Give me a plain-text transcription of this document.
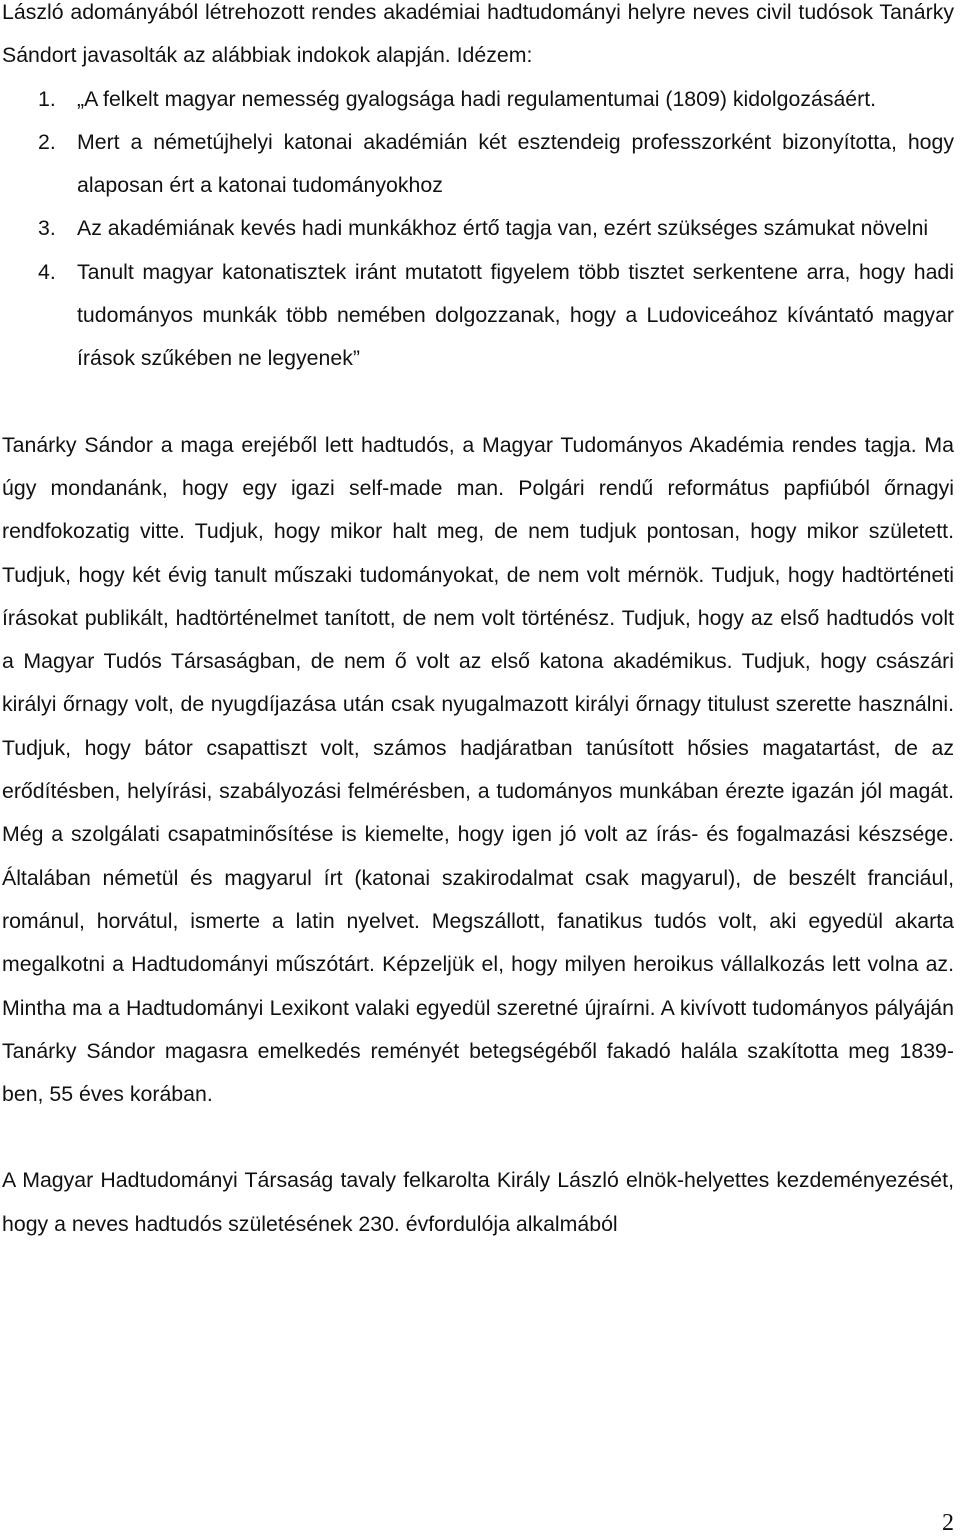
László adományából létrehozott rendes akadémiai hadtudományi helyre neves civil tudósok Tanárky Sándort javasolták az alábbiak indokok alapján. Idézem:

1. „A felkelt magyar nemesség gyalogsága hadi regulamentumai (1809) kidolgozásáért.
2. Mert a németújhelyi katonai akadémián két esztendeig professzorként bizonyította, hogy alaposan ért a katonai tudományokhoz
3. Az akadémiának kevés hadi munkákhoz értő tagja van, ezért szükséges számukat növelni
4. Tanult magyar katonatisztek iránt mutatott figyelem több tisztet serkentene arra, hogy hadi tudományos munkák több nemében dolgozzanak, hogy a Ludoviceához kívántató magyar írások szűkében ne legyenek”

Tanárky Sándor a maga erejéből lett hadtudós, a Magyar Tudományos Akadémia rendes tagja. Ma úgy mondanánk, hogy egy igazi self-made man. Polgári rendű református papfiúból őrnagyi rendfokozatig vitte. Tudjuk, hogy mikor halt meg, de nem tudjuk pontosan, hogy mikor született. Tudjuk, hogy két évig tanult műszaki tudományokat, de nem volt mérnök. Tudjuk, hogy hadtörténeti írásokat publikált, hadtörténelmet tanított, de nem volt történész. Tudjuk, hogy az első hadtudós volt a Magyar Tudós Társaságban, de nem ő volt az első katona akadémikus. Tudjuk, hogy császári királyi őrnagy volt, de nyugdíjazása után csak nyugalmazott királyi őrnagy titulust szerette használni. Tudjuk, hogy bátor csapattiszt volt, számos hadjáratban tanúsított hősies magatartást, de az erődítésben, helyírási, szabályozási felmérésben, a tudományos munkában érezte igazán jól magát. Még a szolgálati csapatminősítése is kiemelte, hogy igen jó volt az írás- és fogalmazási készsége. Általában németül és magyarul írt (katonai szakirodalmat csak magyarul), de beszélt franciául, románul, horvátul, ismerte a latin nyelvet. Megszállott, fanatikus tudós volt, aki egyedül akarta megalkotni a Hadtudományi műszótárt. Képzeljük el, hogy milyen heroikus vállalkozás lett volna az. Mintha ma a Hadtudományi Lexikont valaki egyedül szeretné újraírni. A kivívott tudományos pályáján Tanárky Sándor magasra emelkedés reményét betegségéből fakadó halála szakította meg 1839-ben, 55 éves korában.

A Magyar Hadtudományi Társaság tavaly felkarolta Király László elnök-helyettes kezdeményezését, hogy a neves hadtudós születésének 230. évfordulója alkalmából

2
